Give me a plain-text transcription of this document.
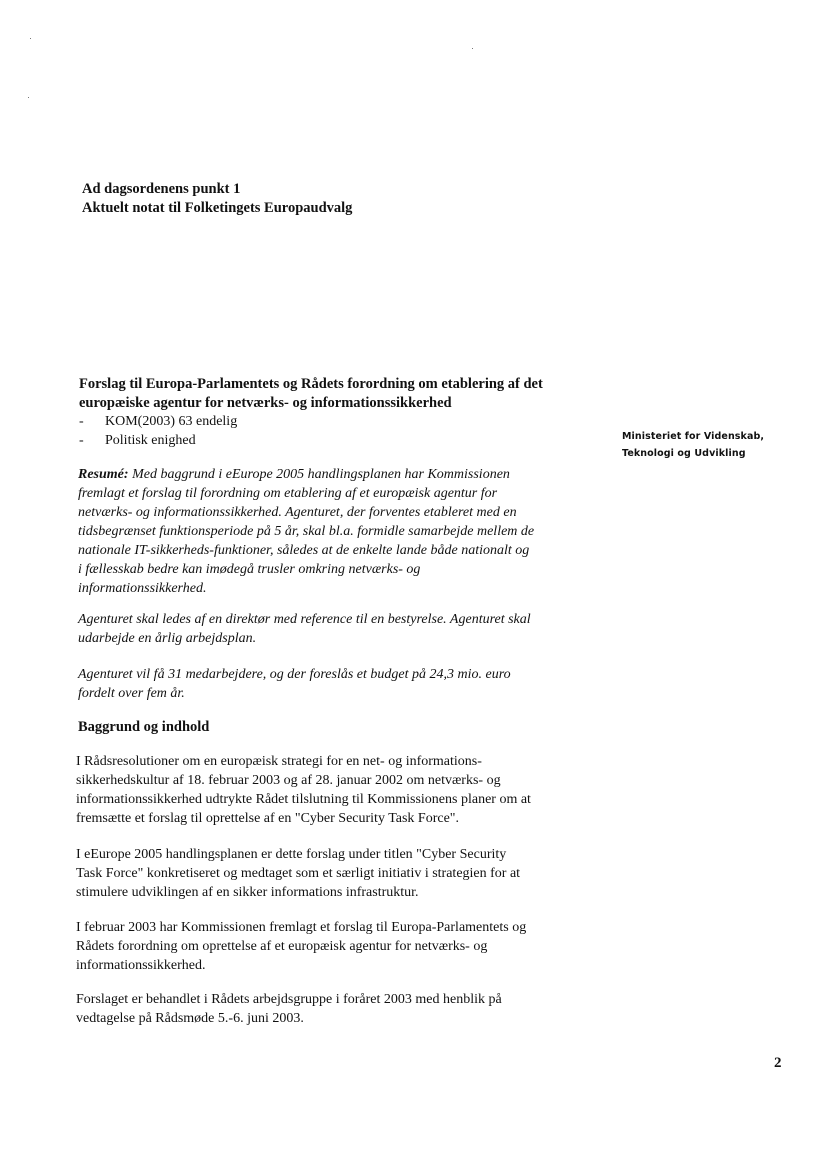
Ad dagsordenens punkt 1
Aktuelt notat til Folketingets Europaudvalg
Ministeriet for Videnskab,
Teknologi og Udvikling
Forslag til Europa-Parlamentets og Rådets forordning om etablering af det
europæiske agentur for netværks- og informationssikkerhed
-	KOM(2003) 63 endelig
-	Politisk enighed

Resumé: Med baggrund i eEurope 2005 handlingsplanen har Kommissionen

fremlagt et forslag til forordning om etablering af et europæisk agentur for

netværks- og informationssikkerhed. Agenturet, der forventes etableret med en

tidsbegrænset funktionsperiode på 5 år, skal bl.a. formidle samarbejde mellem de

nationale IT-sikkerheds-funktioner, således at de enkelte lande både nationalt og

i fællesskab bedre kan imødegå trusler omkring netværks- og

informationssikkerhed.

Agenturet skal ledes af en direktør med reference til en bestyrelse. Agenturet skal

udarbejde en årlig arbejdsplan.

Agenturet vil få 31 medarbejdere, og der foreslås et budget på 24,3 mio. euro

fordelt over fem år.

Baggrund og indhold

I Rådsresolutioner om en europæisk strategi for en net- og informations-

sikkerhedskultur af 18. februar 2003 og af 28. januar 2002 om netværks- og

informationssikkerhed udtrykte Rådet tilslutning til Kommissionens planer om at

fremsætte et forslag til oprettelse af en "Cyber Security Task Force".

I eEurope 2005 handlingsplanen er dette forslag under titlen "Cyber Security

Task Force" konkretiseret og medtaget som et særligt initiativ i strategien for at

stimulere udviklingen af en sikker informations infrastruktur.

I februar 2003 har Kommissionen fremlagt et forslag til Europa-Parlamentets og

Rådets forordning om oprettelse af et europæisk agentur for netværks- og

informationssikkerhed.

Forslaget er behandlet i Rådets arbejdsgruppe i foråret 2003 med henblik på

vedtagelse på Rådsmøde 5.-6. juni 2003.

2
